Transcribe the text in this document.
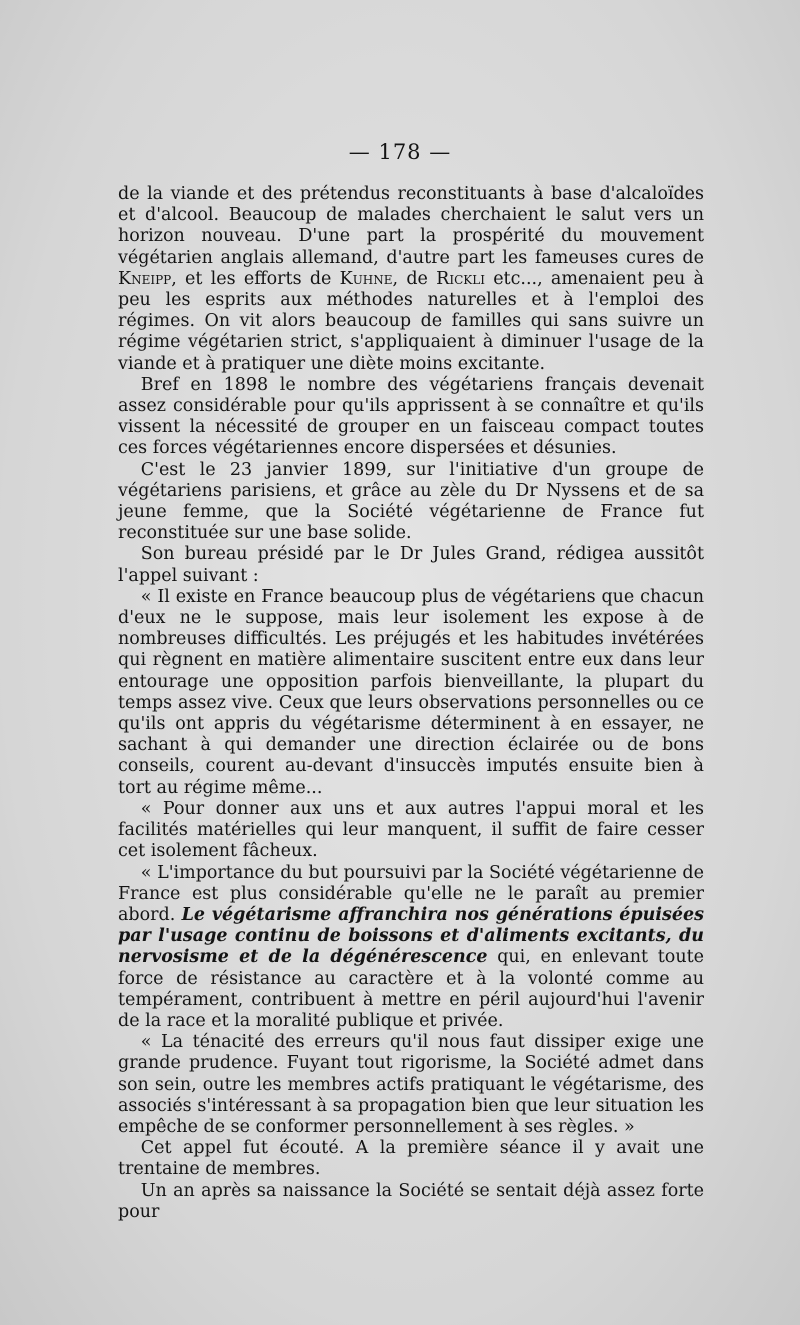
— 178 —

de la viande et des prétendus reconstituants à base d'alcaloïdes et d'alcool. Beaucoup de malades cherchaient le salut vers un horizon nouveau. D'une part la prospérité du mouvement végétarien anglais allemand, d'autre part les fameuses cures de Kneipp, et les efforts de Kuhne, de Rickli etc..., amenaient peu à peu les esprits aux méthodes naturelles et à l'emploi des régimes. On vit alors beaucoup de familles qui sans suivre un régime végétarien strict, s'appliquaient à diminuer l'usage de la viande et à pratiquer une diète moins excitante.

Bref en 1898 le nombre des végétariens français devenait assez considérable pour qu'ils apprissent à se connaître et qu'ils vissent la nécessité de grouper en un faisceau compact toutes ces forces végétariennes encore dispersées et désunies.

C'est le 23 janvier 1899, sur l'initiative d'un groupe de végétariens parisiens, et grâce au zèle du Dr Nyssens et de sa jeune femme, que la Société végétarienne de France fut reconstituée sur une base solide.

Son bureau présidé par le Dr Jules Grand, rédigea aussitôt l'appel suivant :

« Il existe en France beaucoup plus de végétariens que chacun d'eux ne le suppose, mais leur isolement les expose à de nombreuses difficultés. Les préjugés et les habitudes invétérées qui règnent en matière alimentaire suscitent entre eux dans leur entourage une opposition parfois bienveillante, la plupart du temps assez vive. Ceux que leurs observations personnelles ou ce qu'ils ont appris du végétarisme déterminent à en essayer, ne sachant à qui demander une direction éclairée ou de bons conseils, courent au-devant d'insuccès imputés ensuite bien à tort au régime même...

« Pour donner aux uns et aux autres l'appui moral et les facilités matérielles qui leur manquent, il suffit de faire cesser cet isolement fâcheux.

« L'importance du but poursuivi par la Société végétarienne de France est plus considérable qu'elle ne le paraît au premier abord. Le végétarisme affranchira nos générations épuisées par l'usage continu de boissons et d'aliments excitants, du nervosisme et de la dégénérescence qui, en enlevant toute force de résistance au caractère et à la volonté comme au tempérament, contribuent à mettre en péril aujourd'hui l'avenir de la race et la moralité publique et privée.

« La ténacité des erreurs qu'il nous faut dissiper exige une grande prudence. Fuyant tout rigorisme, la Société admet dans son sein, outre les membres actifs pratiquant le végétarisme, des associés s'intéressant à sa propagation bien que leur situation les empêche de se conformer personnellement à ses règles. »

Cet appel fut écouté. A la première séance il y avait une trentaine de membres.

Un an après sa naissance la Société se sentait déjà assez forte pour
